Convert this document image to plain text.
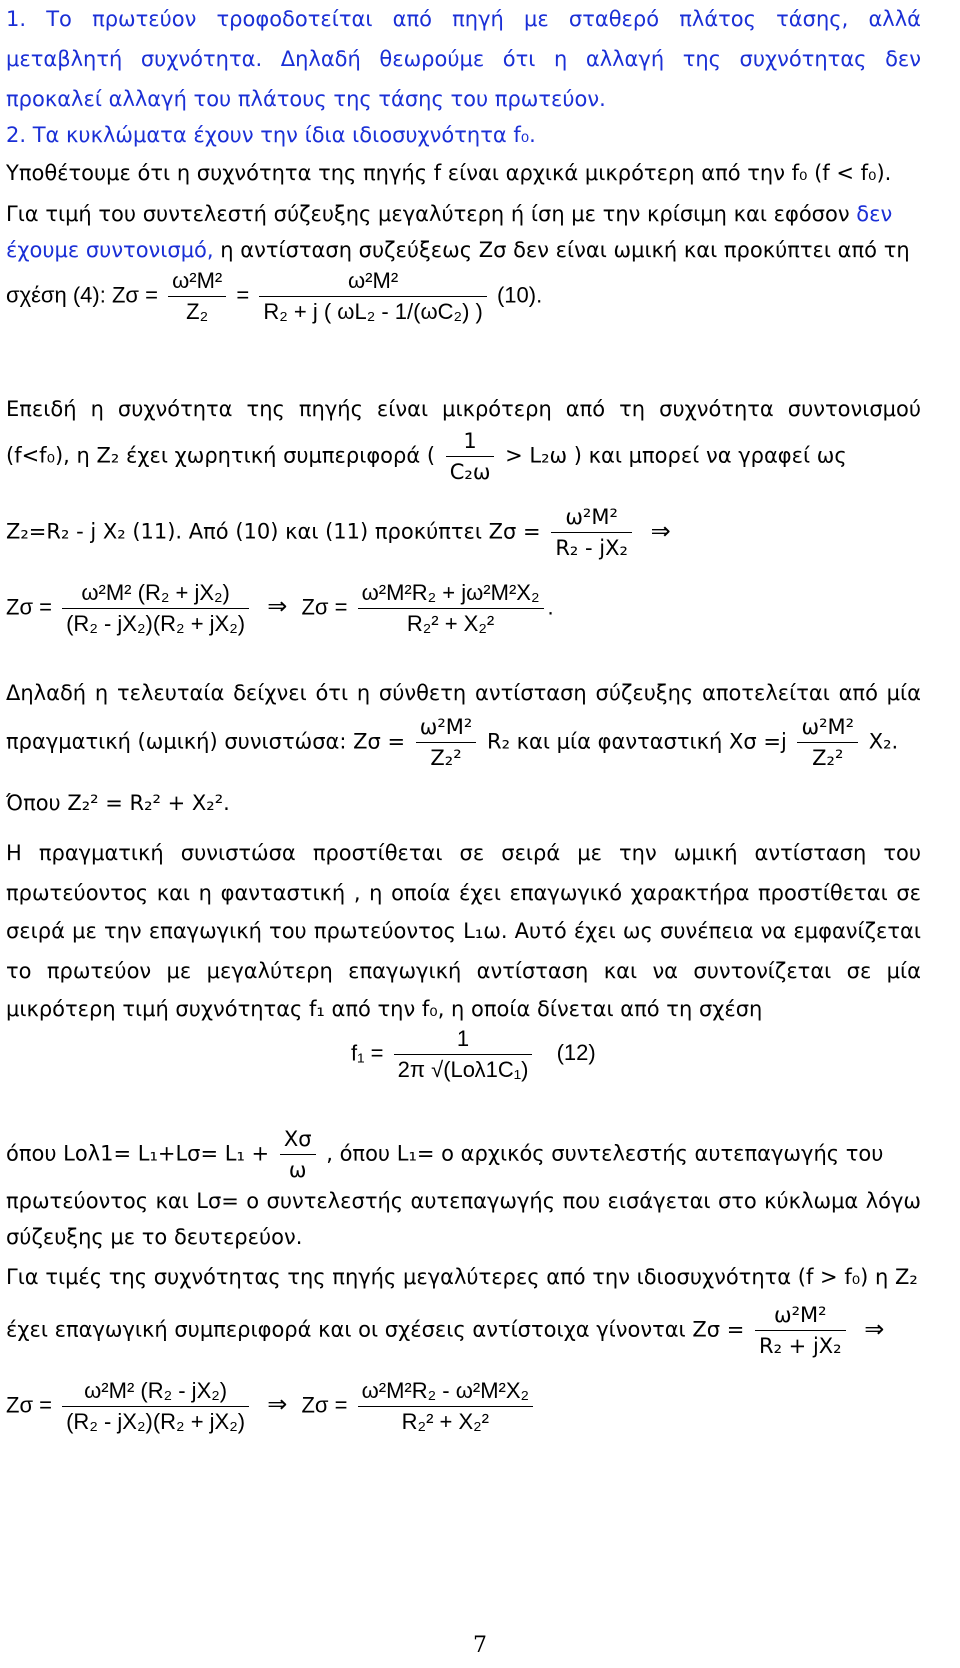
1. Το πρωτεύον τροφοδοτείται από πηγή με σταθερό πλάτος τάσης, αλλά
μεταβλητή συχνότητα. Δηλαδή θεωρούμε ότι η αλλαγή της συχνότητας δεν
προκαλεί αλλαγή του πλάτους της τάσης του πρωτεύον.
2. Τα κυκλώματα έχουν την ίδια ιδιοσυχνότητα f₀.
Υποθέτουμε ότι η συχνότητα της πηγής f είναι αρχικά μικρότερη από την f₀ (f < f₀).
Για τιμή του συντελεστή σύζευξης μεγαλύτερη ή ίση με την κρίσιμη και εφόσον δεν
έχουμε συντονισμό, η αντίσταση συζεύξεως Zσ δεν είναι ωμική και προκύπτει από τη
σχέση (4): $Z\sigma = \frac{\text{ω²M²}}{\text{Z₂}} = \frac{\text{ω²M²}}{\text{R₂ + j ( ωL₂ - 1/(ωC₂) )}} (10)$.
Επειδή η συχνότητα της πηγής είναι μικρότερη από τη συχνότητα συντονισμού
(f<f₀), η Z₂ έχει χωρητική συμπεριφορά ( $\frac{1}{\text{C₂ω}} > L_2\omega$ ) και μπορεί να γραφεί ως
Z₂=R₂ - j X₂ (11). Από (10) και (11) προκύπτει $Z\sigma = \frac{\text{ω²M²}}{\text{R₂ - jX₂}}$ ⇒
$Z\sigma = \frac{\text{ω²M² (R₂ + jX₂)}}{\text{(R₂ - jX₂)(R₂ + jX₂)}}$ ⇒ $Z\sigma = \frac{\text{ω²M²R₂ + jω²M²X₂}}{\text{R₂² + X₂²}}$ .
Δηλαδή η τελευταία δείχνει ότι η σύνθετη αντίσταση σύζευξης αποτελείται από μία
πραγματική (ωμική) συνιστώσα: $Z\sigma = \frac{\text{ω²M²}}{\text{Z₂²}} R_2$ και μία φανταστική $X\sigma =j \frac{\text{ω²M²}}{\text{Z₂²}} X_2$.
Όπου Z₂² = R₂² + X₂².
Η πραγματική συνιστώσα προστίθεται σε σειρά με την ωμική αντίσταση του
πρωτεύοντος και η φανταστική , η οποία έχει επαγωγικό χαρακτήρα προστίθεται σε
σειρά με την επαγωγική του πρωτεύοντος L₁ω. Αυτό έχει ως συνέπεια να εμφανίζεται
το πρωτεύον με μεγαλύτερη επαγωγική αντίσταση και να συντονίζεται σε μία
μικρότερη τιμή συχνότητας f₁ από την f₀, η οποία δίνεται από τη σχέση
$f_1 = \frac{1}{\text{2π √(Lολ1C₁)}} (12)$
όπου $Lo\lambda 1= L_1+L\sigma= L_1 + \frac{X\sigma}{\omega}$ , όπου L₁= ο αρχικός συντελεστής αυτεπαγωγής του
πρωτεύοντος και Lσ= ο συντελεστής αυτεπαγωγής που εισάγεται στο κύκλωμα λόγω
σύζευξης με το δευτερεύον.
Για τιμές της συχνότητας της πηγής μεγαλύτερες από την ιδιοσυχνότητα (f > f₀) η Z₂
έχει επαγωγική συμπεριφορά και οι σχέσεις αντίστοιχα γίνονται $Z\sigma = \frac{\text{ω²M²}}{\text{R₂ + jX₂}}$ ⇒
$Z\sigma = \frac{\text{ω²M² (R₂ - jX₂)}}{\text{(R₂ - jX₂)(R₂ + jX₂)}}$ ⇒ $Z\sigma = \frac{\text{ω²M²R₂ - ω²M²X₂}}{\text{R₂² + X₂²}}$
7
